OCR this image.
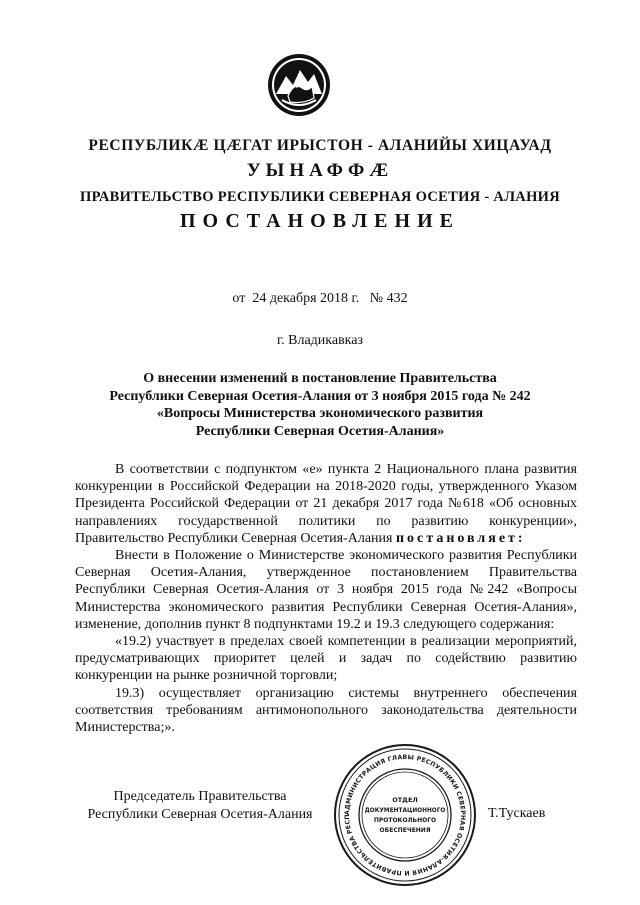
РЕСПУБЛИКӔ ЦӔГАТ ИРЫСТОН - АЛАНИЙЫ ХИЦАУАД
УЫНАФФӔ
ПРАВИТЕЛЬСТВО РЕСПУБЛИКИ СЕВЕРНАЯ ОСЕТИЯ - АЛАНИЯ
ПОСТАНОВЛЕНИЕ
от  24 декабря 2018 г.   № 432
г. Владикавказ
О внесении изменений в постановление Правительства
Республики Северная Осетия-Алания от 3 ноября 2015 года № 242
«Вопросы Министерства экономического развития
Республики Северная Осетия-Алания»

В соответствии с подпунктом «е» пункта 2 Национального плана развития конкуренции в Российской Федерации на 2018-2020 годы, утвержденного Указом Президента Российской Федерации от 21 декабря 2017 года №618 «Об основных направлениях государственной политики по развитию конкуренции», Правительство Республики Северная Осетия-Алания постановляет:

Внести в Положение о Министерстве экономического развития Республики Северная Осетия-Алания, утвержденное постановлением Правительства Республики Северная Осетия-Алания от 3 ноября 2015 года №242 «Вопросы Министерства экономического развития Республики Северная Осетия-Алания», изменение, дополнив пункт 8 подпунктами 19.2 и 19.3 следующего содержания:

«19.2) участвует в пределах своей компетенции в реализации мероприятий, предусматривающих приоритет целей и задач по содействию развитию конкуренции на рынке розничной торговли;

19.3) осуществляет организацию системы внутреннего обеспечения соответствия требованиям антимонопольного законодательства деятельности Министерства;».

Председатель Правительства
Республики Северная Осетия-Алания	Т.Тускаев
АДМИНИСТРАЦИЯ ГЛАВЫ РЕСПУБЛИКИ СЕВЕРНАЯ ОСЕТИЯ-АЛАНИЯ И ПРАВИТЕЛЬСТВА РЕСП
ОТДЕЛ
ДОКУМЕНТАЦИОННОГО
ПРОТОКОЛЬНОГО
ОБЕСПЕЧЕНИЯ
